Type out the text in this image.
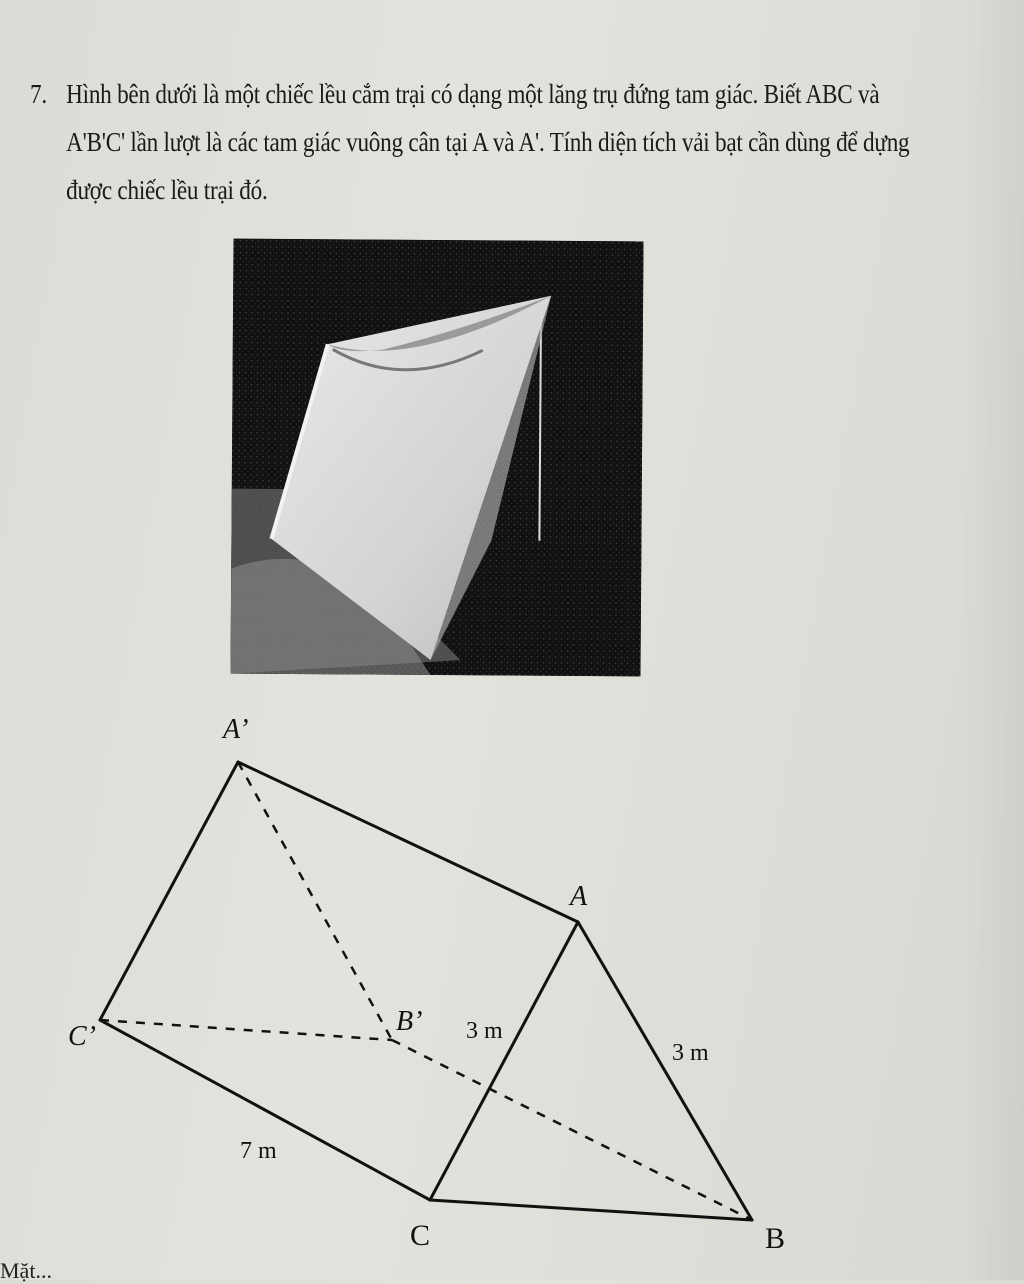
7. Hình bên dưới là một chiếc lều cắm trại có dạng một lăng trụ đứng tam giác. Biết ABC và A'B'C' lần lượt là các tam giác vuông cân tại A và A'. Tính diện tích vải bạt cần dùng để dựng được chiếc lều trại đó.
A’
A
B’
C’
C	B
3 m
3 m
7 m
Mặt...
